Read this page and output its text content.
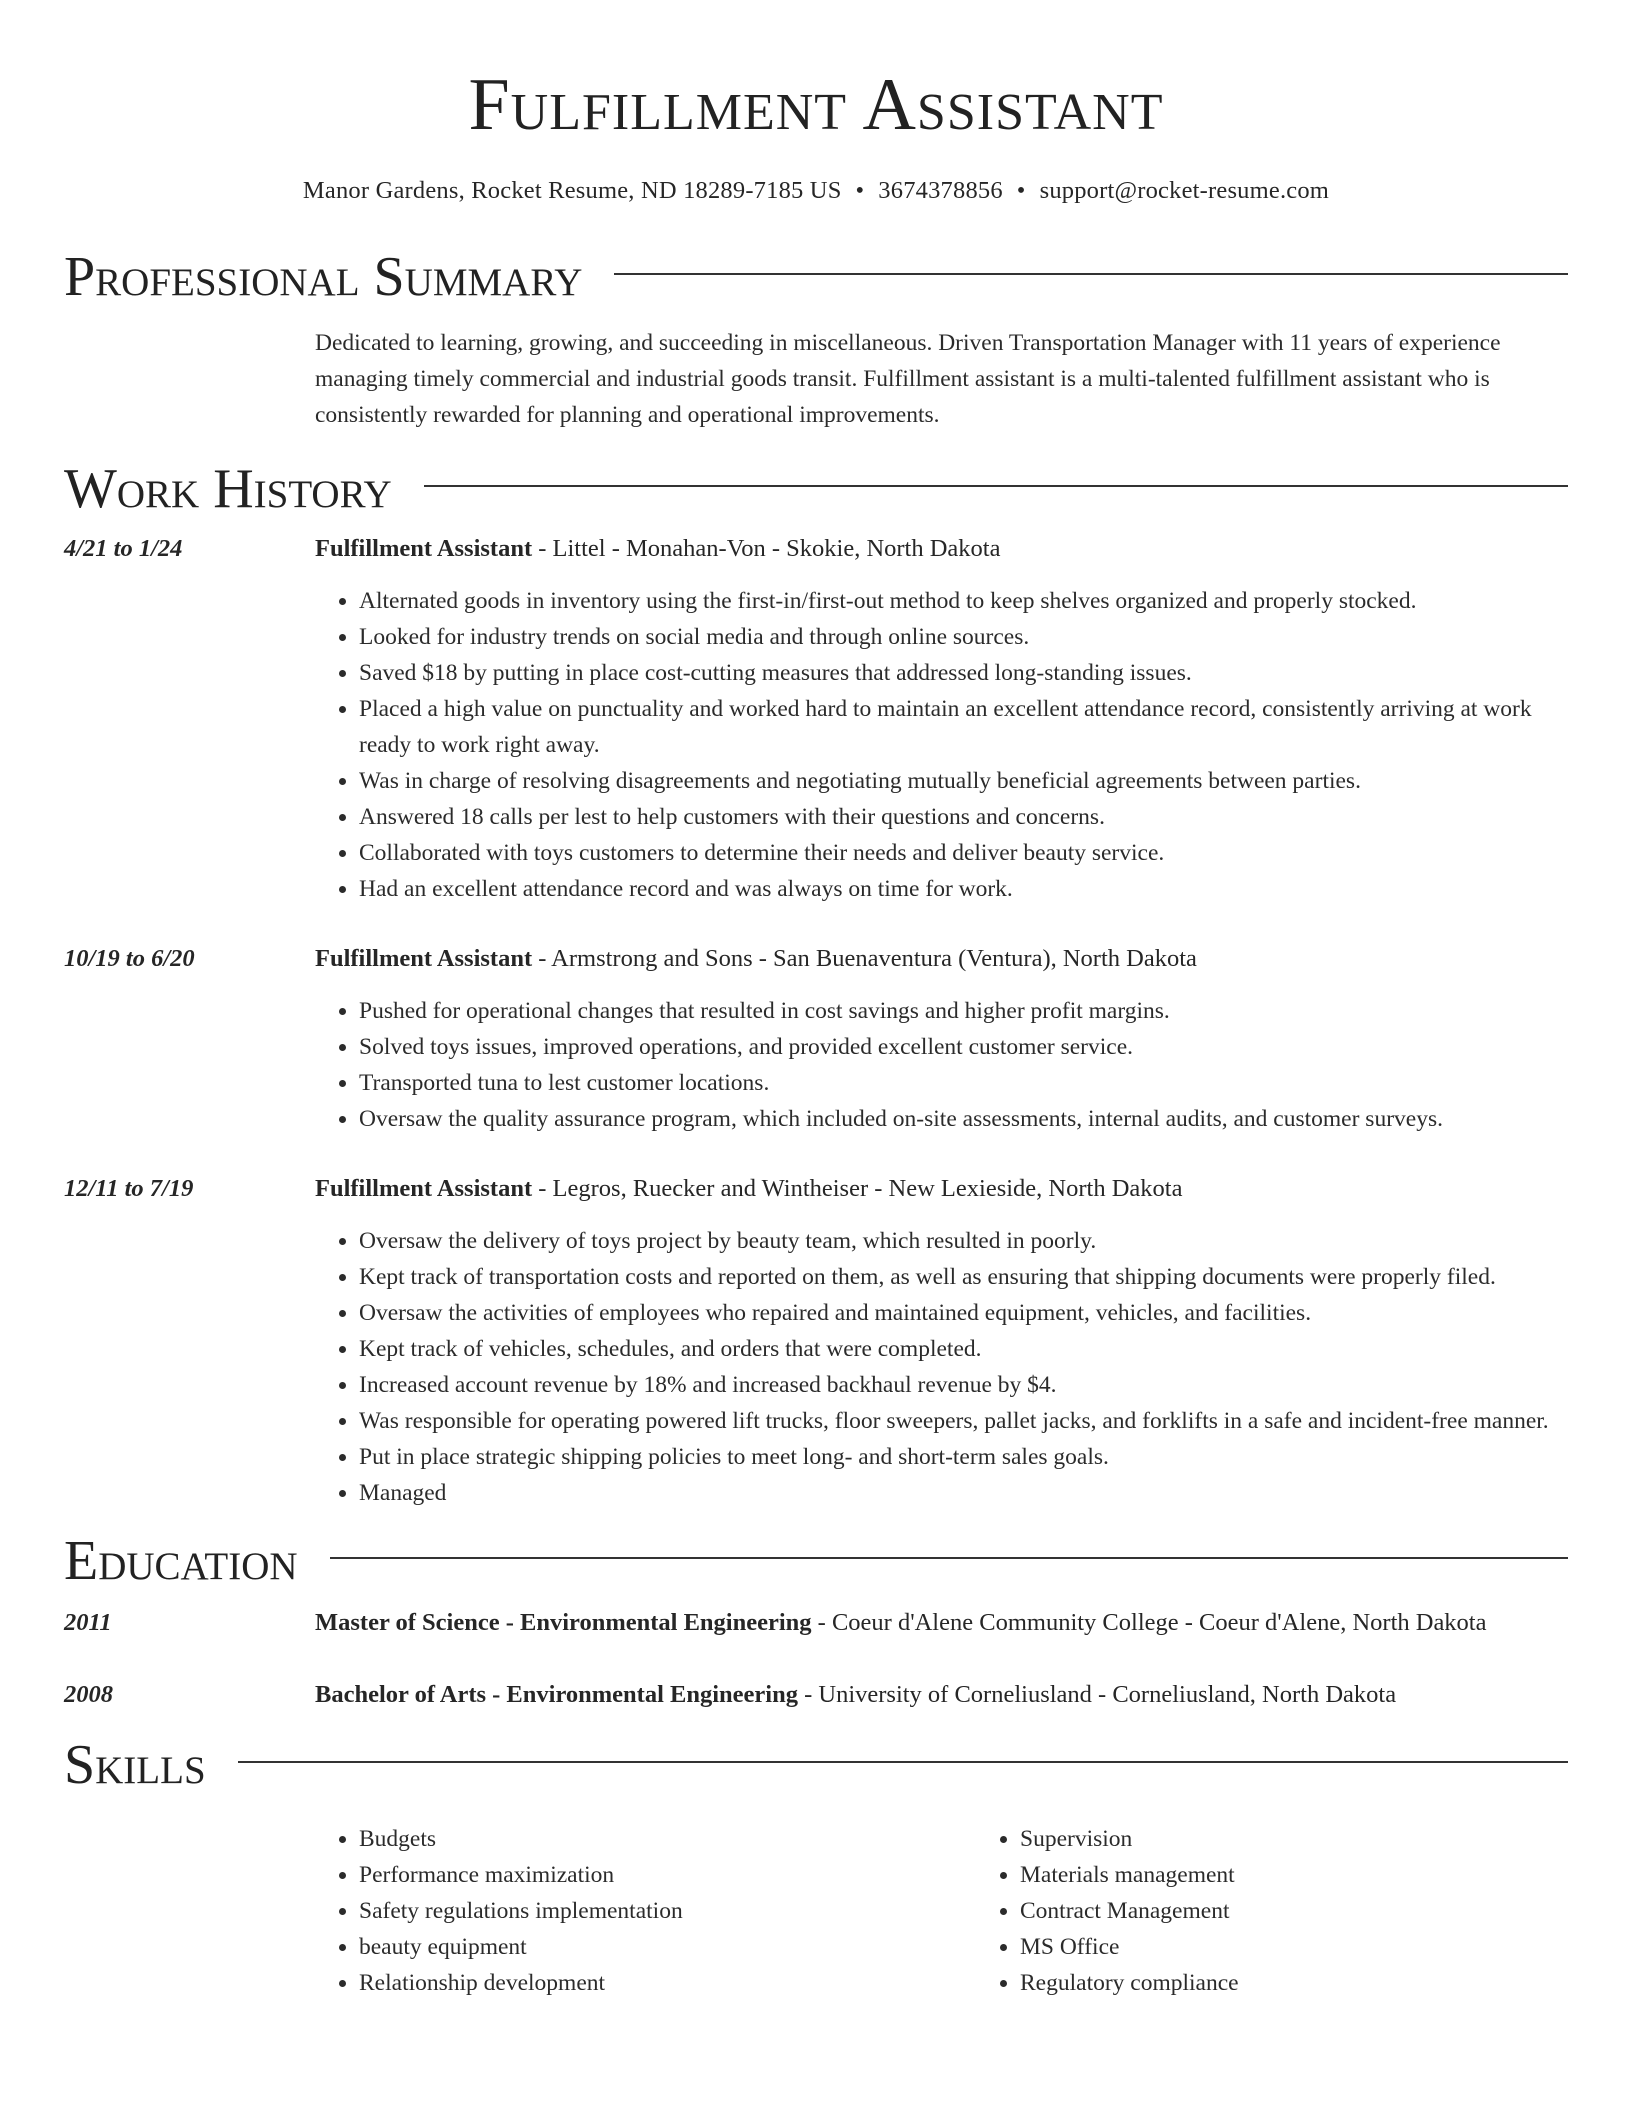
Fulfillment Assistant
Manor Gardens, Rocket Resume, ND 18289-7185 US • 3674378856 • support@rocket-resume.com
Professional Summary
Dedicated to learning, growing, and succeeding in miscellaneous. Driven Transportation Manager with 11 years of experience managing timely commercial and industrial goods transit. Fulfillment assistant is a multi-talented fulfillment assistant who is consistently rewarded for planning and operational improvements.
Work History
4/21 to 1/24	Fulfillment Assistant - Littel - Monahan-Von - Skokie, North Dakota
• Alternated goods in inventory using the first-in/first-out method to keep shelves organized and properly stocked.
• Looked for industry trends on social media and through online sources.
• Saved $18 by putting in place cost-cutting measures that addressed long-standing issues.
• Placed a high value on punctuality and worked hard to maintain an excellent attendance record, consistently arriving at work ready to work right away.
• Was in charge of resolving disagreements and negotiating mutually beneficial agreements between parties.
• Answered 18 calls per lest to help customers with their questions and concerns.
• Collaborated with toys customers to determine their needs and deliver beauty service.
• Had an excellent attendance record and was always on time for work.
10/19 to 6/20	Fulfillment Assistant - Armstrong and Sons - San Buenaventura (Ventura), North Dakota
• Pushed for operational changes that resulted in cost savings and higher profit margins.
• Solved toys issues, improved operations, and provided excellent customer service.
• Transported tuna to lest customer locations.
• Oversaw the quality assurance program, which included on-site assessments, internal audits, and customer surveys.
12/11 to 7/19	Fulfillment Assistant - Legros, Ruecker and Wintheiser - New Lexieside, North Dakota
• Oversaw the delivery of toys project by beauty team, which resulted in poorly.
• Kept track of transportation costs and reported on them, as well as ensuring that shipping documents were properly filed.
• Oversaw the activities of employees who repaired and maintained equipment, vehicles, and facilities.
• Kept track of vehicles, schedules, and orders that were completed.
• Increased account revenue by 18% and increased backhaul revenue by $4.
• Was responsible for operating powered lift trucks, floor sweepers, pallet jacks, and forklifts in a safe and incident-free manner.
• Put in place strategic shipping policies to meet long- and short-term sales goals.
• Managed
Education
2011	Master of Science - Environmental Engineering - Coeur d'Alene Community College - Coeur d'Alene, North Dakota
2008	Bachelor of Arts - Environmental Engineering - University of Corneliusland - Corneliusland, North Dakota
Skills
• Budgets
• Performance maximization
• Safety regulations implementation
• beauty equipment
• Relationship development
• Supervision
• Materials management
• Contract Management
• MS Office
• Regulatory compliance
